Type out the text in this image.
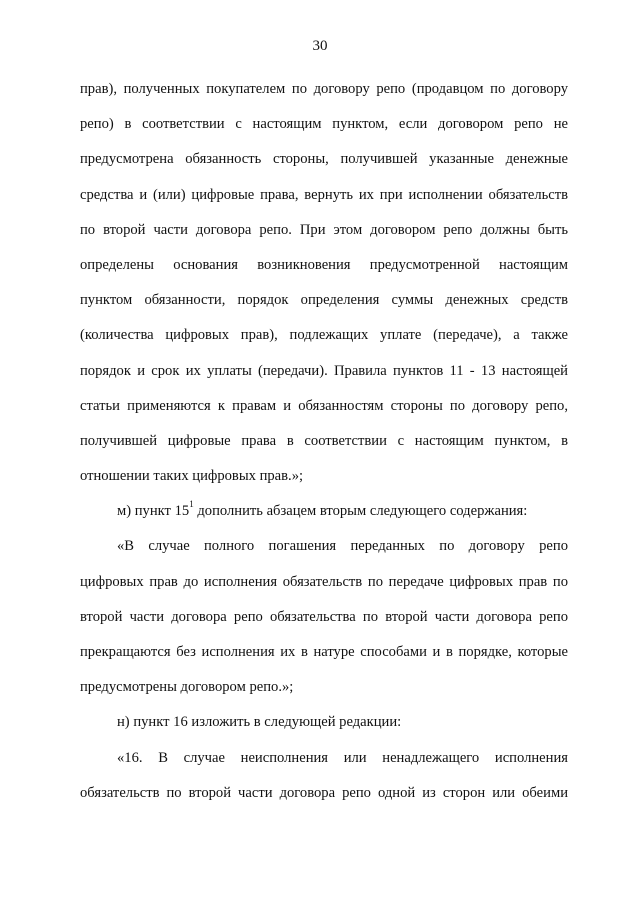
30
прав), полученных покупателем по договору репо (продавцом по договору
репо) в соответствии с настоящим пунктом, если договором репо не
предусмотрена обязанность стороны, получившей указанные денежные
средства и (или) цифровые права, вернуть их при исполнении обязательств
по второй части договора репо. При этом договором репо должны быть
определены основания возникновения предусмотренной настоящим
пунктом обязанности, порядок определения суммы денежных средств
(количества цифровых прав), подлежащих уплате (передаче), а также
порядок и срок их уплаты (передачи). Правила пунктов 11 - 13 настоящей
статьи применяются к правам и обязанностям стороны по договору репо,
получившей цифровые права в соответствии с настоящим пунктом, в
отношении таких цифровых прав.»;
м) пункт $15^1$ дополнить абзацем вторым следующего содержания:
«В случае полного погашения переданных по договору репо
цифровых прав до исполнения обязательств по передаче цифровых прав по
второй части договора репо обязательства по второй части договора репо
прекращаются без исполнения их в натуре способами и в порядке, которые
предусмотрены договором репо.»;
н) пункт 16 изложить в следующей редакции:
«16. В случае неисполнения или ненадлежащего исполнения
обязательств по второй части договора репо одной из сторон или обеими
